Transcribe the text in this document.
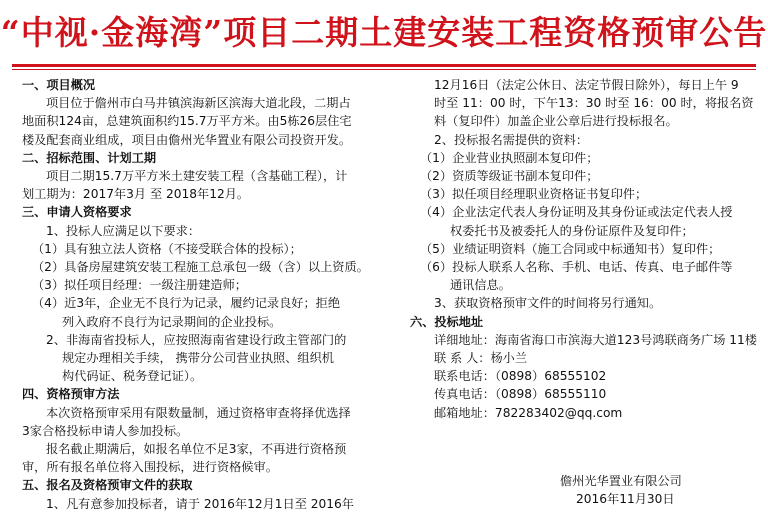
“中视·金海湾”项目二期土建安装工程资格预审公告
一、项目概况
项目位于儋州市白马井镇滨海新区滨海大道北段，二期占
地面积124亩，总建筑面积约15.7万平方米。由5栋26层住宅
楼及配套商业组成，项目由儋州光华置业有限公司投资开发。
二、招标范围、计划工期
项目二期15.7万平方米土建安装工程（含基础工程），计
划工期为：2017年3月 至 2018年12月。
三、申请人资格要求
1、投标人应满足以下要求：
（1）具有独立法人资格（不接受联合体的投标）；
（2）具备房屋建筑安装工程施工总承包一级（含）以上资质。
（3）拟任项目经理：一级注册建造师；
（4）近3年，企业无不良行为记录，履约记录良好；拒绝
列入政府不良行为记录期间的企业投标。
2、非海南省投标人，应按照海南省建设行政主管部门的
规定办理相关手续， 携带分公司营业执照、组织机
构代码证、税务登记证）。
四、资格预审方法
本次资格预审采用有限数量制，通过资格审查将择优选择
3家合格投标申请人参加投标。
报名截止期满后，如报名单位不足3家，不再进行资格预
审，所有报名单位将入围投标，进行资格候审。
五、报名及资格预审文件的获取
1、凡有意参加投标者，请于 2016年12月1日至 2016年
12月16日（法定公休日、法定节假日除外），每日上午 9
时至 11：00 时，下午13：30 时至 16：00 时，将报名资
料（复印件）加盖企业公章后进行投标报名。
2、投标报名需提供的资料：
（1）企业营业执照副本复印件；
（2）资质等级证书副本复印件；
（3）拟任项目经理职业资格证书复印件；
（4）企业法定代表人身份证明及其身份证或法定代表人授
权委托书及被委托人的身份证原件及复印件；
（5）业绩证明资料（施工合同或中标通知书）复印件；
（6）投标人联系人名称、手机、电话、传真、电子邮件等
通讯信息。
3、获取资格预审文件的时间将另行通知。
六、投标地址
详细地址：海南省海口市滨海大道123号鸿联商务广场 11楼
联 系 人：杨小兰
联系电话：（0898）68555102
传真电话：（0898）68555110
邮箱地址：782283402@qq.com
儋州光华置业有限公司
2016年11月30日
